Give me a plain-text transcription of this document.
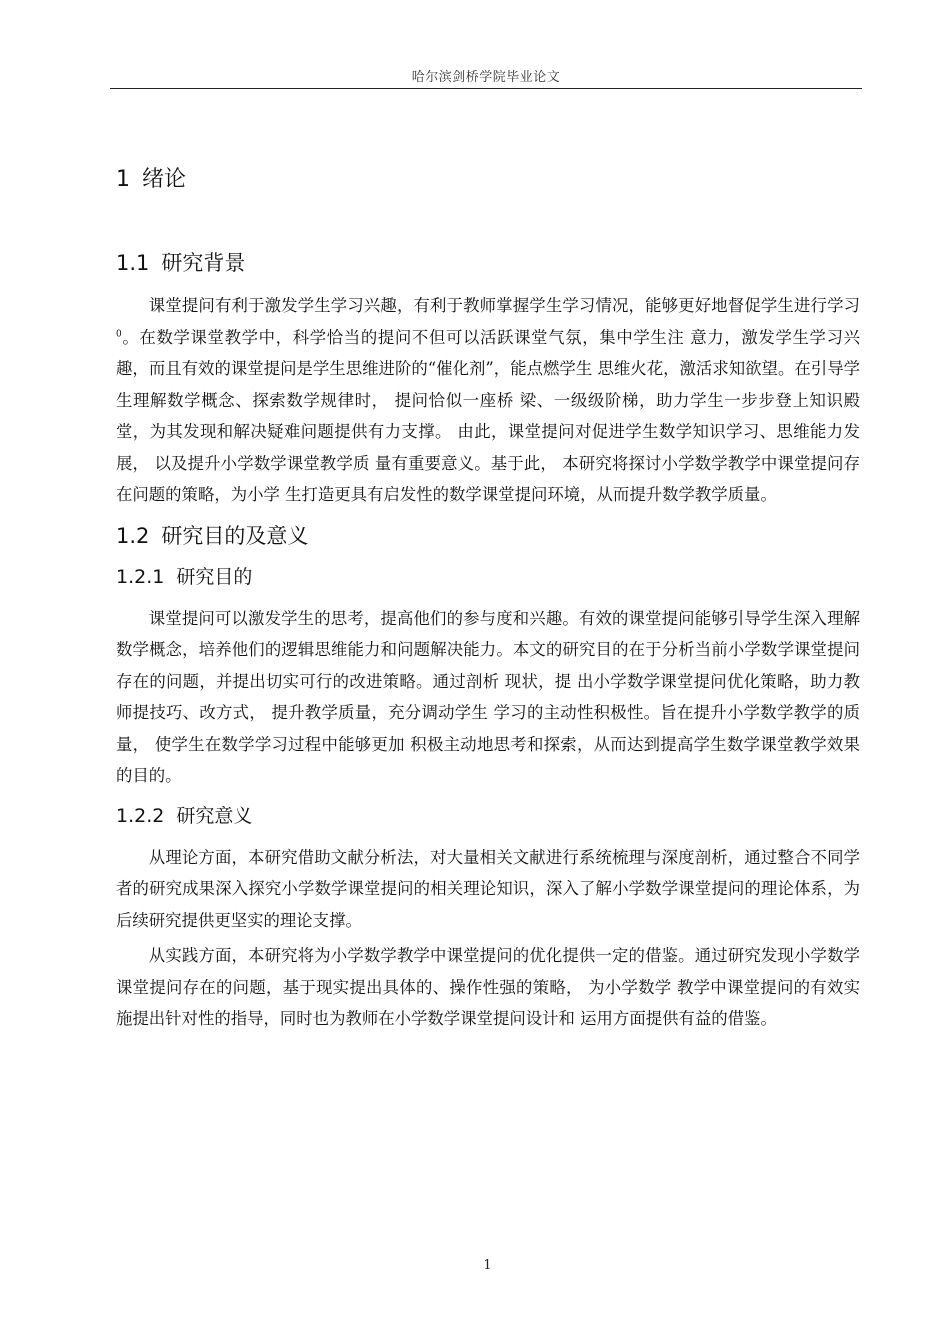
哈尔滨剑桥学院毕业论文
1 绪论
1.1 研究背景

课堂提问有利于激发学生学习兴趣，有利于教师掌握学生学习情况，能够更好地督促学生进行学习$^0$。在数学课堂教学中，科学恰当的提问不但可以活跃课堂气氛，集中学生注 意力，激发学生学习兴趣，而且有效的课堂提问是学生思维进阶的“催化剂”，能点燃学生 思维火花，激活求知欲望。在引导学生理解数学概念、探索数学规律时， 提问恰似一座桥 梁、一级级阶梯，助力学生一步步登上知识殿堂，为其发现和解决疑难问题提供有力支撑。 由此，课堂提问对促进学生数学知识学习、思维能力发展， 以及提升小学数学课堂教学质 量有重要意义。基于此， 本研究将探讨小学数学教学中课堂提问存在问题的策略，为小学 生打造更具有启发性的数学课堂提问环境，从而提升数学教学质量。

1.2 研究目的及意义
1.2.1 研究目的

课堂提问可以激发学生的思考，提高他们的参与度和兴趣。有效的课堂提问能够引导学生深入理解数学概念，培养他们的逻辑思维能力和问题解决能力。本文的研究目的在于分析当前小学数学课堂提问存在的问题，并提出切实可行的改进策略。通过剖析 现状，提 出小学数学课堂提问优化策略，助力教师提技巧、改方式， 提升教学质量，充分调动学生 学习的主动性积极性。旨在提升小学数学教学的质量， 使学生在数学学习过程中能够更加 积极主动地思考和探索，从而达到提高学生数学课堂教学效果的目的。

1.2.2 研究意义

从理论方面，本研究借助文献分析法，对大量相关文献进行系统梳理与深度剖析，通过整合不同学者的研究成果深入探究小学数学课堂提问的相关理论知识，深入了解小学数学课堂提问的理论体系，为后续研究提供更坚实的理论支撑。

从实践方面，本研究将为小学数学教学中课堂提问的优化提供一定的借鉴。通过研究发现小学数学课堂提问存在的问题，基于现实提出具体的、操作性强的策略， 为小学数学 教学中课堂提问的有效实施提出针对性的指导，同时也为教师在小学数学课堂提问设计和 运用方面提供有益的借鉴。

1
